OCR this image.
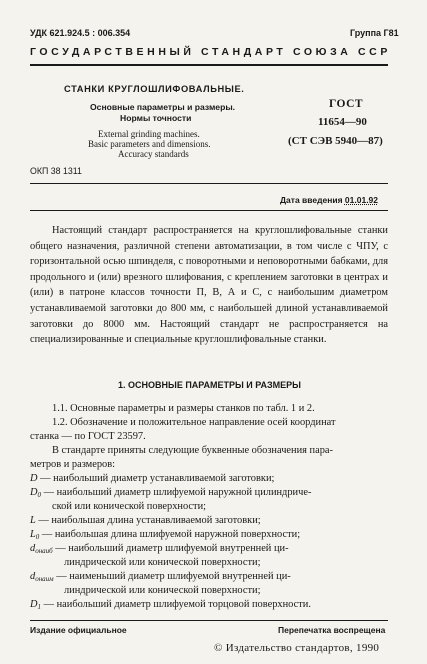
УДК 621.924.5 : 006.354	Группа Г81
ГОСУДАРСТВЕННЫЙ СТАНДАРТ СОЮЗА ССР
СТАНКИ КРУГЛОШЛИФОВАЛЬНЫЕ.
Основные параметры и размеры.
Нормы точности
External grinding machines.
Basic parameters and dimensions.
Accuracy standards
ГОСТ
11654—90
(СТ СЭВ 5940—87)
ОКП 38 1311
Дата введения 01.01.92
Настоящий стандарт распространяется на круглошлифовальные станки общего назначения, различной степени автоматизации, в том числе с ЧПУ, с горизонтальной осью шпинделя, с поворотными и неповоротными бабками, для продольного и (или) врезного шлифования, с креплением заготовки в центрах и (или) в патроне классов точности П, В, А и С, с наибольшим диаметром устанавливаемой заготовки до 800 мм, с наибольшей длиной устанавливаемой заготовки до 8000 мм. Настоящий стандарт не распространяется на специализированные и специальные круглошлифовальные станки.
1. ОСНОВНЫЕ ПАРАМЕТРЫ И РАЗМЕРЫ
1.1. Основные параметры и размеры станков по табл. 1 и 2.
1.2. Обозначение и положительное направление осей координат
станка — по ГОСТ 23597.
В стандарте приняты следующие буквенные обозначения пара-
метров и размеров:
D — наибольший диаметр устанавливаемой заготовки;
$D_0$ — наибольший диаметр шлифуемой наружной цилиндриче-
ской или конической поверхности;
L — наибольшая длина устанавливаемой заготовки;
$L_0$ — наибольшая длина шлифуемой наружной поверхности;
$d_{онаиб}$ — наибольший диаметр шлифуемой внутренней ци-
линдрической или конической поверхности;
$d_{онаим}$ — наименьший диаметр шлифуемой внутренней ци-
линдрической или конической поверхности;
$D_1$ — наибольший диаметр шлифуемой торцовой поверхности.
Издание официальное	Перепечатка воспрещена
© Издательство стандартов, 1990
